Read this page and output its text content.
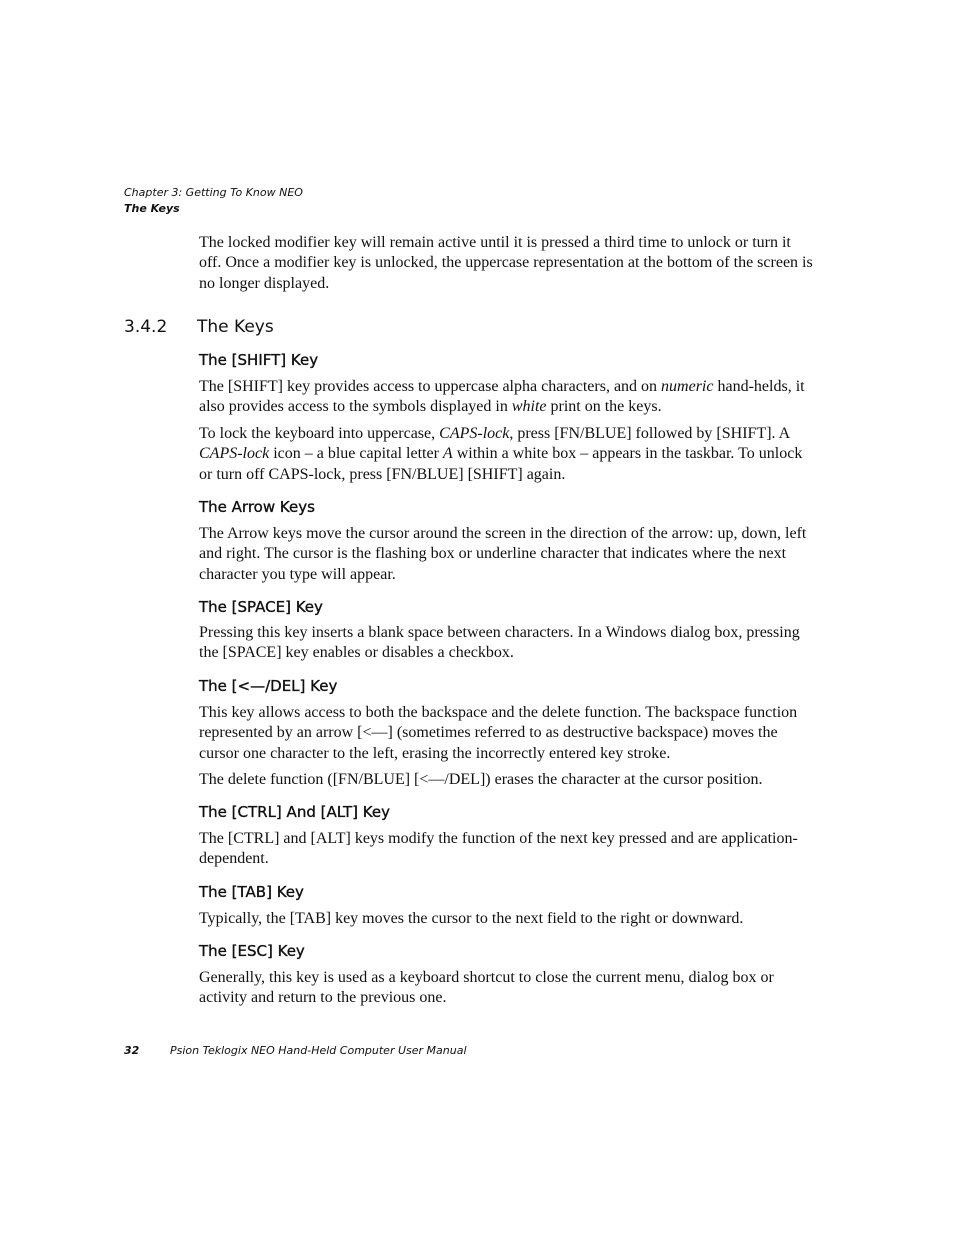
Chapter 3: Getting To Know NEO
The Keys

The locked modifier key will remain active until it is pressed a third time to unlock or turn it off. Once a modifier key is unlocked, the uppercase representation at the bottom of the screen is no longer displayed.

3.4.2 The Keys
The [SHIFT] Key

The [SHIFT] key provides access to uppercase alpha characters, and on numeric hand-helds, it also provides access to the symbols displayed in white print on the keys.

To lock the keyboard into uppercase, CAPS-lock, press [FN/BLUE] followed by [SHIFT]. A CAPS-lock icon – a blue capital letter A within a white box – appears in the taskbar. To unlock or turn off CAPS-lock, press [FN/BLUE] [SHIFT] again.

The Arrow Keys

The Arrow keys move the cursor around the screen in the direction of the arrow: up, down, left and right. The cursor is the flashing box or underline character that indicates where the next character you type will appear.

The [SPACE] Key

Pressing this key inserts a blank space between characters. In a Windows dialog box, pressing the [SPACE] key enables or disables a checkbox.

The [<—/DEL] Key

This key allows access to both the backspace and the delete function. The backspace function represented by an arrow [<—] (sometimes referred to as destructive backspace) moves the cursor one character to the left, erasing the incorrectly entered key stroke.

The delete function ([FN/BLUE] [<—/DEL]) erases the character at the cursor position.

The [CTRL] And [ALT] Key

The [CTRL] and [ALT] keys modify the function of the next key pressed and are application-dependent.

The [TAB] Key

Typically, the [TAB] key moves the cursor to the next field to the right or downward.

The [ESC] Key

Generally, this key is used as a keyboard shortcut to close the current menu, dialog box or activity and return to the previous one.

32	Psion Teklogix NEO Hand-Held Computer User Manual
